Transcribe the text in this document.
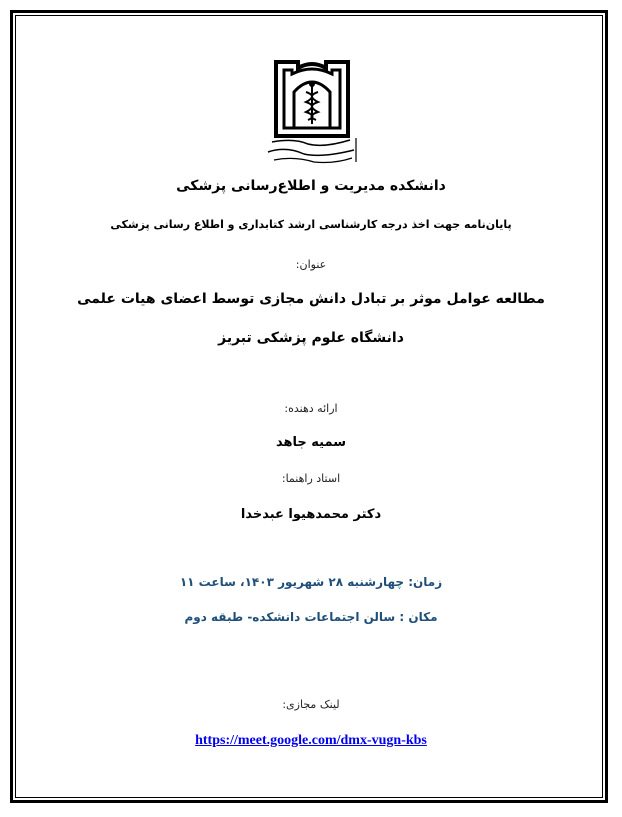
دانشکده مدیریت و اطلاع‌رسانی پزشکی
پایان‌نامه جهت اخذ درجه کارشناسی ارشد کتابداری و اطلاع رسانی پزشکی
عنوان:
مطالعه عوامل موثر بر تبادل دانش مجازی توسط اعضای هیات علمی
دانشگاه علوم پزشکی تبریز
ارائه دهنده:
سمیه جاهد
استاد راهنما:
دکتر محمدهیوا عبدخدا
زمان: چهارشنبه ۲۸ شهریور ۱۴۰۳، ساعت ۱۱
مکان : سالن اجتماعات دانشکده- طبقه دوم
لینک مجازی:
https://meet.google.com/dmx-vugn-kbs
